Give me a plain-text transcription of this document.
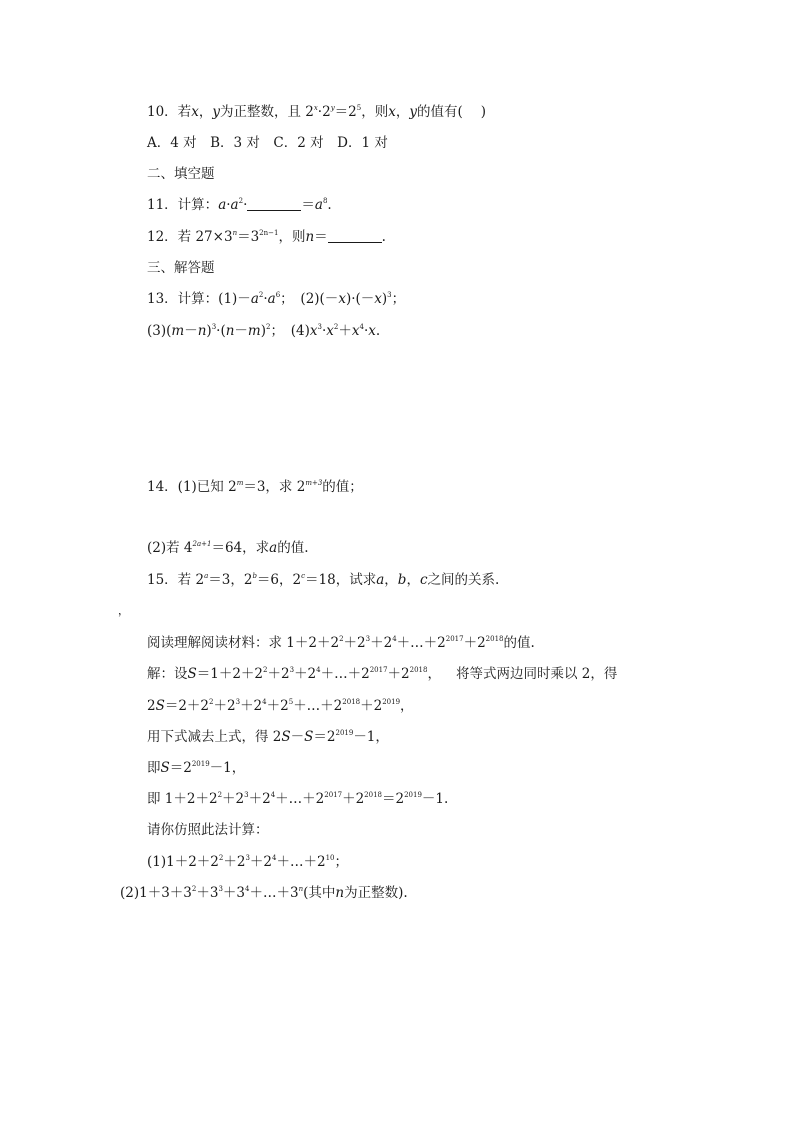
10．若x，y为正整数，且 $2^x\cdot 2^y=2^5$，则x，y的值有( )
A．4 对　B．3 对　C．2 对　D．1 对
二、填空题
11．计算：$a\cdot a^2\cdot$	$=a^8$.
12．若 $27\times 3^n=3^{2n-1}$，则n＝	.
三、解答题
13．计算：$(1)-a^2\cdot a^6$；　$(2)(-x)\cdot(-x)^3$；
$(3)(m-n)^3\cdot(n-m)^2$；　$(4)x^3\cdot x^2+x^4\cdot x$.
14．(1)已知 $2^m=3$，求 $2^{m+3}$的值；
(2)若 $4^{2a+1}=64$，求a的值.
15．若 $2^a=3$，$2^b=6$，$2^c=18$，试求a，b，c之间的关系.
，
阅读理解阅读材料：求 $1+2+2^2+2^3+2^4+\dots+2^{2017}+2^{2018}$的值.
解：设$S=1+2+2^2+2^3+2^4+\dots+2^{2017}+2^{2018}$， 将等式两边同时乘以 2，得
$2S=2+2^2+2^3+2^4+2^5+\dots+2^{2018}+2^{2019}$，
用下式减去上式，得 $2S-S=2^{2019}-1$，
即$S=2^{2019}-1$，
即 $1+2+2^2+2^3+2^4+\dots+2^{2017}+2^{2018}=2^{2019}-1$.
请你仿照此法计算：
$(1)1+2+2^2+2^3+2^4+\dots+2^{10}$；
$(2)1+3+3^2+3^3+3^4+\dots+3^n$(其中n为正整数).
